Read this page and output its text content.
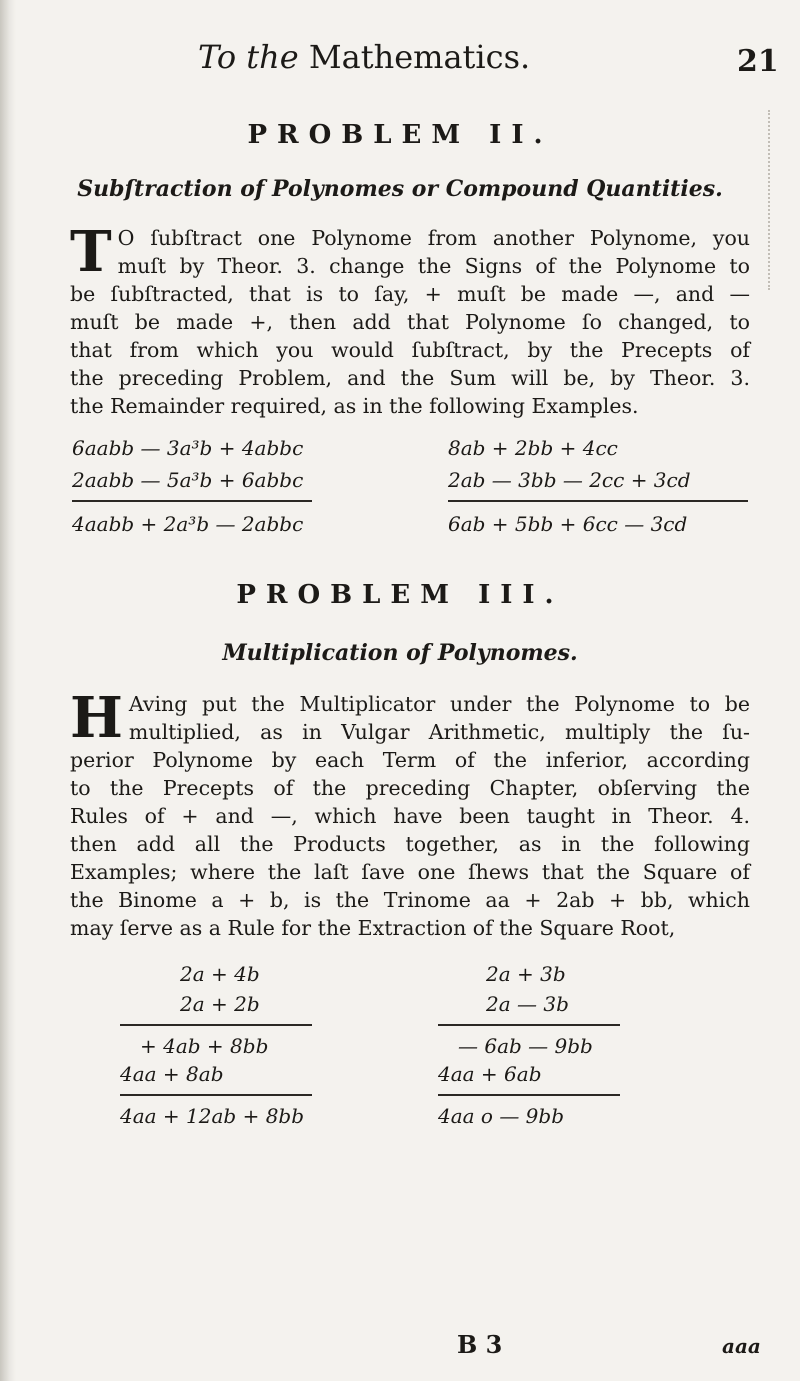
To the Mathematics.	21
PROBLEM II.
Subſtraction of Polynomes or Compound Quantities.
T O ſubſtract one Polynome from another Polynome, you
muſt by Theor. 3. change the Signs of the Polynome to
be ſubſtracted, that is to ſay, + muſt be made —, and —
muſt be made +, then add that Polynome ſo changed, to
that from which you would ſubſtract, by the Precepts of
the preceding Problem, and the Sum will be, by Theor. 3.
the Remainder required, as in the following Examples.
6aabb — 3a³b + 4abbc
2aabb — 5a³b + 6abbc
4aabb + 2a³b — 2abbc
8ab + 2bb + 4cc
2ab — 3bb — 2cc + 3cd
6ab + 5bb + 6cc — 3cd
PROBLEM III.
Multiplication of Polynomes.
H Aving put the Multiplicator under the Polynome to be
multiplied, as in Vulgar Arithmetic, multiply the ſu-
perior Polynome by each Term of the inferior, according
to the Precepts of the preceding Chapter, obſerving the
Rules of + and —, which have been taught in Theor. 4.
then add all the Products together, as in the following
Examples; where the laſt ſave one ſhews that the Square of
the Binome a + b, is the Trinome aa + 2ab + bb, which
may ſerve as a Rule for the Extraction of the Square Root,
2a + 4b
2a + 2b
+ 4ab + 8bb
4aa + 8ab
4aa + 12ab + 8bb
2a + 3b
2a — 3b
— 6ab — 9bb
4aa + 6ab
4aa o — 9bb
B 3	aaa
